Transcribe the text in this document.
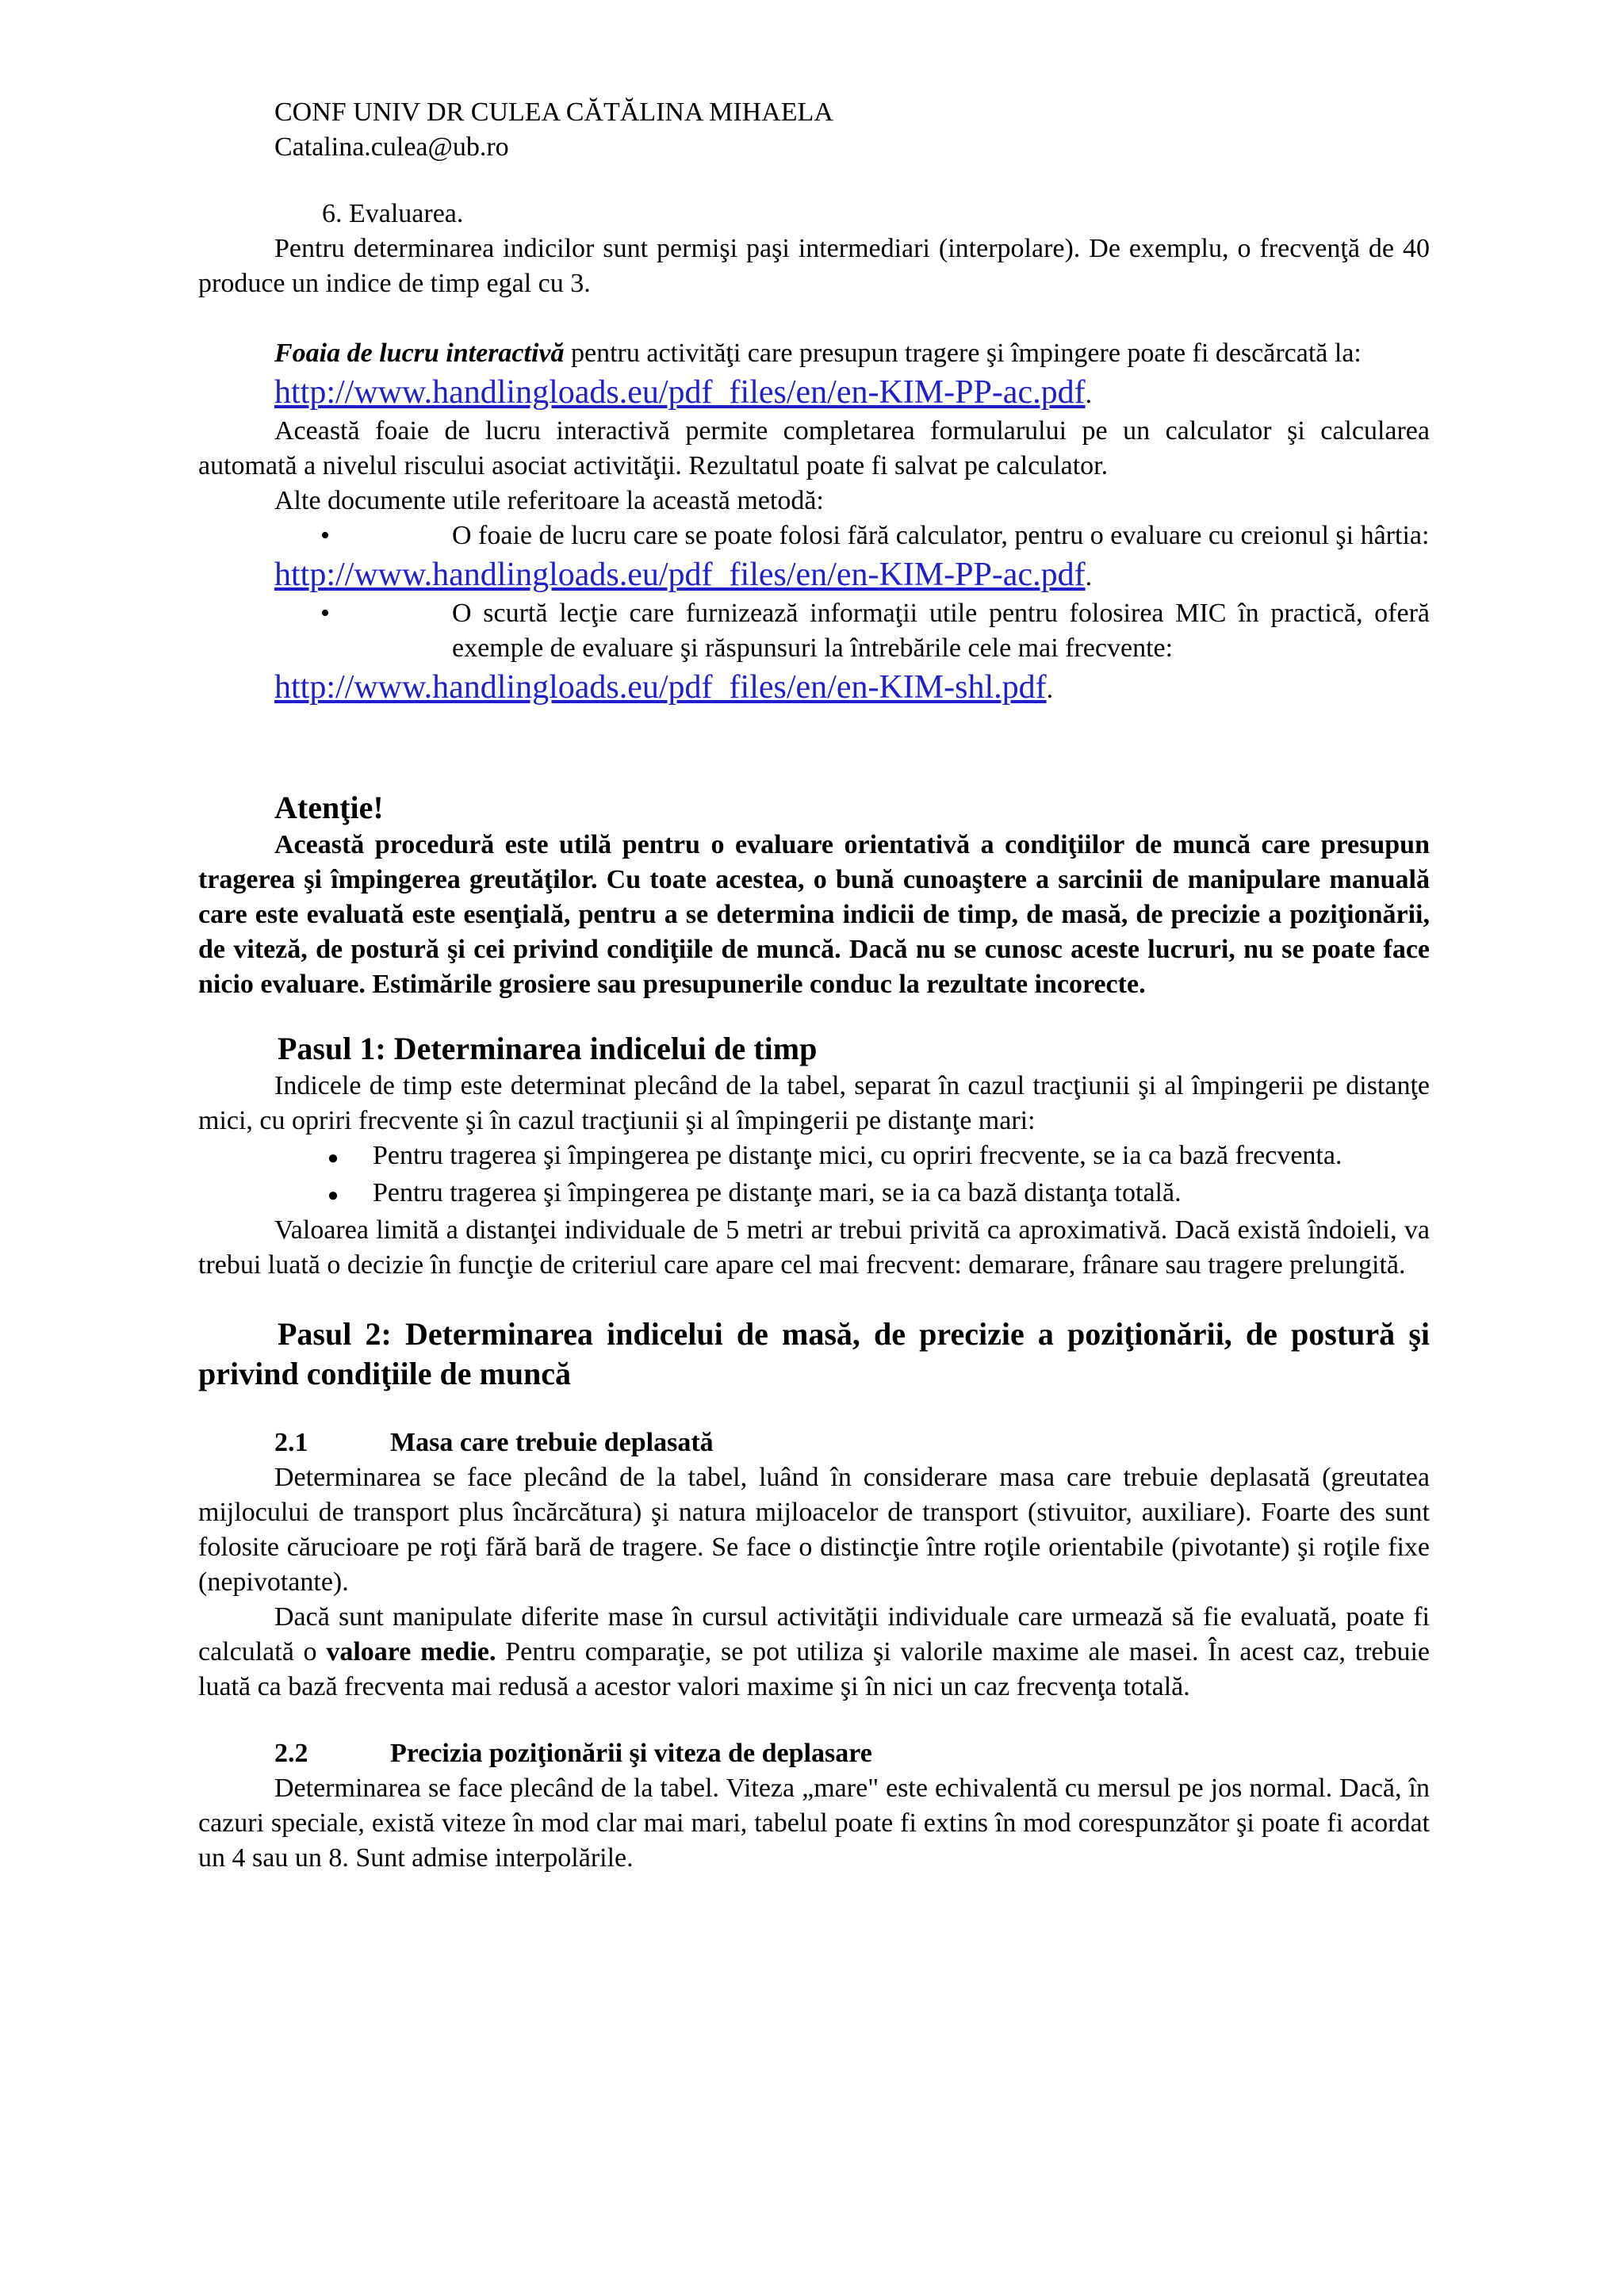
CONF UNIV DR CULEA CĂTĂLINA MIHAELA

Catalina.culea@ub.ro

6. Evaluarea.

Pentru determinarea indicilor sunt permişi paşi intermediari (interpolare). De exemplu, o frecvenţă de 40 produce un indice de timp egal cu 3.

Foaia de lucru interactivă pentru activităţi care presupun tragere şi împingere poate fi descărcată la:

http://www.handlingloads.eu/pdf_files/en/en-KIM-PP-ac.pdf.

Această foaie de lucru interactivă permite completarea formularului pe un calculator şi calcularea automată a nivelul riscului asociat activităţii. Rezultatul poate fi salvat pe calculator.

Alte documente utile referitoare la această metodă:

•	O foaie de lucru care se poate folosi fără calculator, pentru o evaluare cu creionul şi hârtia:
http://www.handlingloads.eu/pdf_files/en/en-KIM-PP-ac.pdf.
•	O scurtă lecţie care furnizează informaţii utile pentru folosirea MIC în practică, oferă exemple de evaluare şi răspunsuri la întrebările cele mai frecvente:
http://www.handlingloads.eu/pdf_files/en/en-KIM-shl.pdf.

Atenţie!

Această procedură este utilă pentru o evaluare orientativă a condiţiilor de muncă care presupun tragerea şi împingerea greutăţilor. Cu toate acestea, o bună cunoaştere a sarcinii de manipulare manuală care este evaluată este esenţială, pentru a se determina indicii de timp, de masă, de precizie a poziţionării, de viteză, de postură şi cei privind condiţiile de muncă. Dacă nu se cunosc aceste lucruri, nu se poate face nicio evaluare. Estimările grosiere sau presupunerile conduc la rezultate incorecte.

Pasul 1: Determinarea indicelui de timp

Indicele de timp este determinat plecând de la tabel, separat în cazul tracţiunii şi al împingerii pe distanţe mici, cu opriri frecvente şi în cazul tracţiunii şi al împingerii pe distanţe mari:

●	Pentru tragerea şi împingerea pe distanţe mici, cu opriri frecvente, se ia ca bază frecventa.
●	Pentru tragerea şi împingerea pe distanţe mari, se ia ca bază distanţa totală.

Valoarea limită a distanţei individuale de 5 metri ar trebui privită ca aproximativă. Dacă există îndoieli, va trebui luată o decizie în funcţie de criteriul care apare cel mai frecvent: demarare, frânare sau tragere prelungită.

Pasul 2: Determinarea indicelui de masă, de precizie a poziţionării, de postură şi privind condiţiile de muncă

2.1	Masa care trebuie deplasată

Determinarea se face plecând de la tabel, luând în considerare masa care trebuie deplasată (greutatea mijlocului de transport plus încărcătura) şi natura mijloacelor de transport (stivuitor, auxiliare). Foarte des sunt folosite cărucioare pe roţi fără bară de tragere. Se face o distincţie între roţile orientabile (pivotante) şi roţile fixe (nepivotante).

Dacă sunt manipulate diferite mase în cursul activităţii individuale care urmează să fie evaluată, poate fi calculată o valoare medie. Pentru comparaţie, se pot utiliza şi valorile maxime ale masei. În acest caz, trebuie luată ca bază frecventa mai redusă a acestor valori maxime şi în nici un caz frecvenţa totală.

2.2	Precizia poziţionării şi viteza de deplasare

Determinarea se face plecând de la tabel. Viteza „mare" este echivalentă cu mersul pe jos normal. Dacă, în cazuri speciale, există viteze în mod clar mai mari, tabelul poate fi extins în mod corespunzător şi poate fi acordat un 4 sau un 8. Sunt admise interpolările.
